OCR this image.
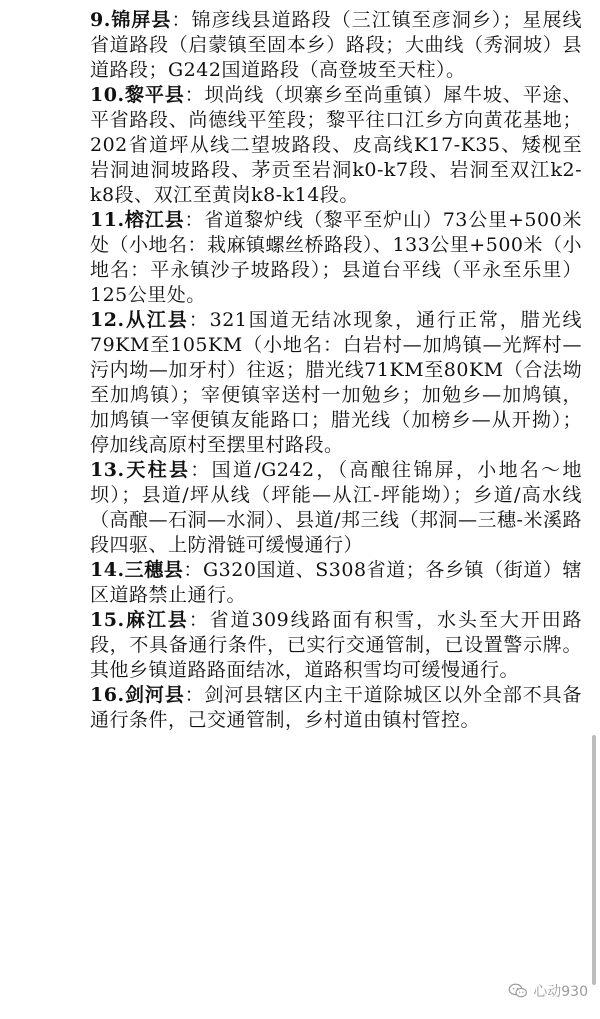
9.锦屏县：锦彦线县道路段（三江镇至彦洞乡）；星展线省道路段（启蒙镇至固本乡）路段；大曲线（秀洞坡）县道路段；G242国道路段（高登坡至天柱）。

10.黎平县：坝尚线（坝寨乡至尚重镇）犀牛坡、平途、平省路段、尚德线平笙段；黎平往口江乡方向黄花基地；202省道坪从线二望坡路段、皮高线K17-K35、矮枧至岩洞迪洞坡路段、茅贡至岩洞k0-k7段、岩洞至双江k2-k8段、双江至黄岗k8-k14段。

11.榕江县：省道黎炉线（黎平至炉山）73公里+500米处（小地名：栽麻镇螺丝桥路段）、133公里+500米（小地名：平永镇沙子坡路段）；县道台平线（平永至乐里）125公里处。

12.从江县：321国道无结冰现象，通行正常，腊光线79KM至105KM（小地名：白岩村—加鸠镇—光辉村—污内坳—加牙村）往返；腊光线71KM至80KM（合法坳至加鸠镇）；宰便镇宰送村一加勉乡；加勉乡—加鸠镇，加鸠镇一宰便镇友能路口；腊光线（加榜乡—从开拗）；停加线高原村至摆里村路段。

13.天柱县：国道/G242，（高酿往锦屏，小地名～地坝）；县道/坪从线（坪能—从江-坪能坳）；乡道/高水线（高酿—石洞—水洞）、县道/邦三线（邦洞—三穗-米溪路段四驱、上防滑链可缓慢通行）

14.三穗县：G320国道、S308省道；各乡镇（街道）辖区道路禁止通行。

15.麻江县：省道309线路面有积雪，水头至大开田路段，不具备通行条件，已实行交通管制，已设置警示牌。其他乡镇道路路面结冰，道路积雪均可缓慢通行。

16.剑河县：剑河县辖区内主干道除城区以外全部不具备通行条件，己交通管制，乡村道由镇村管控。

心动930
